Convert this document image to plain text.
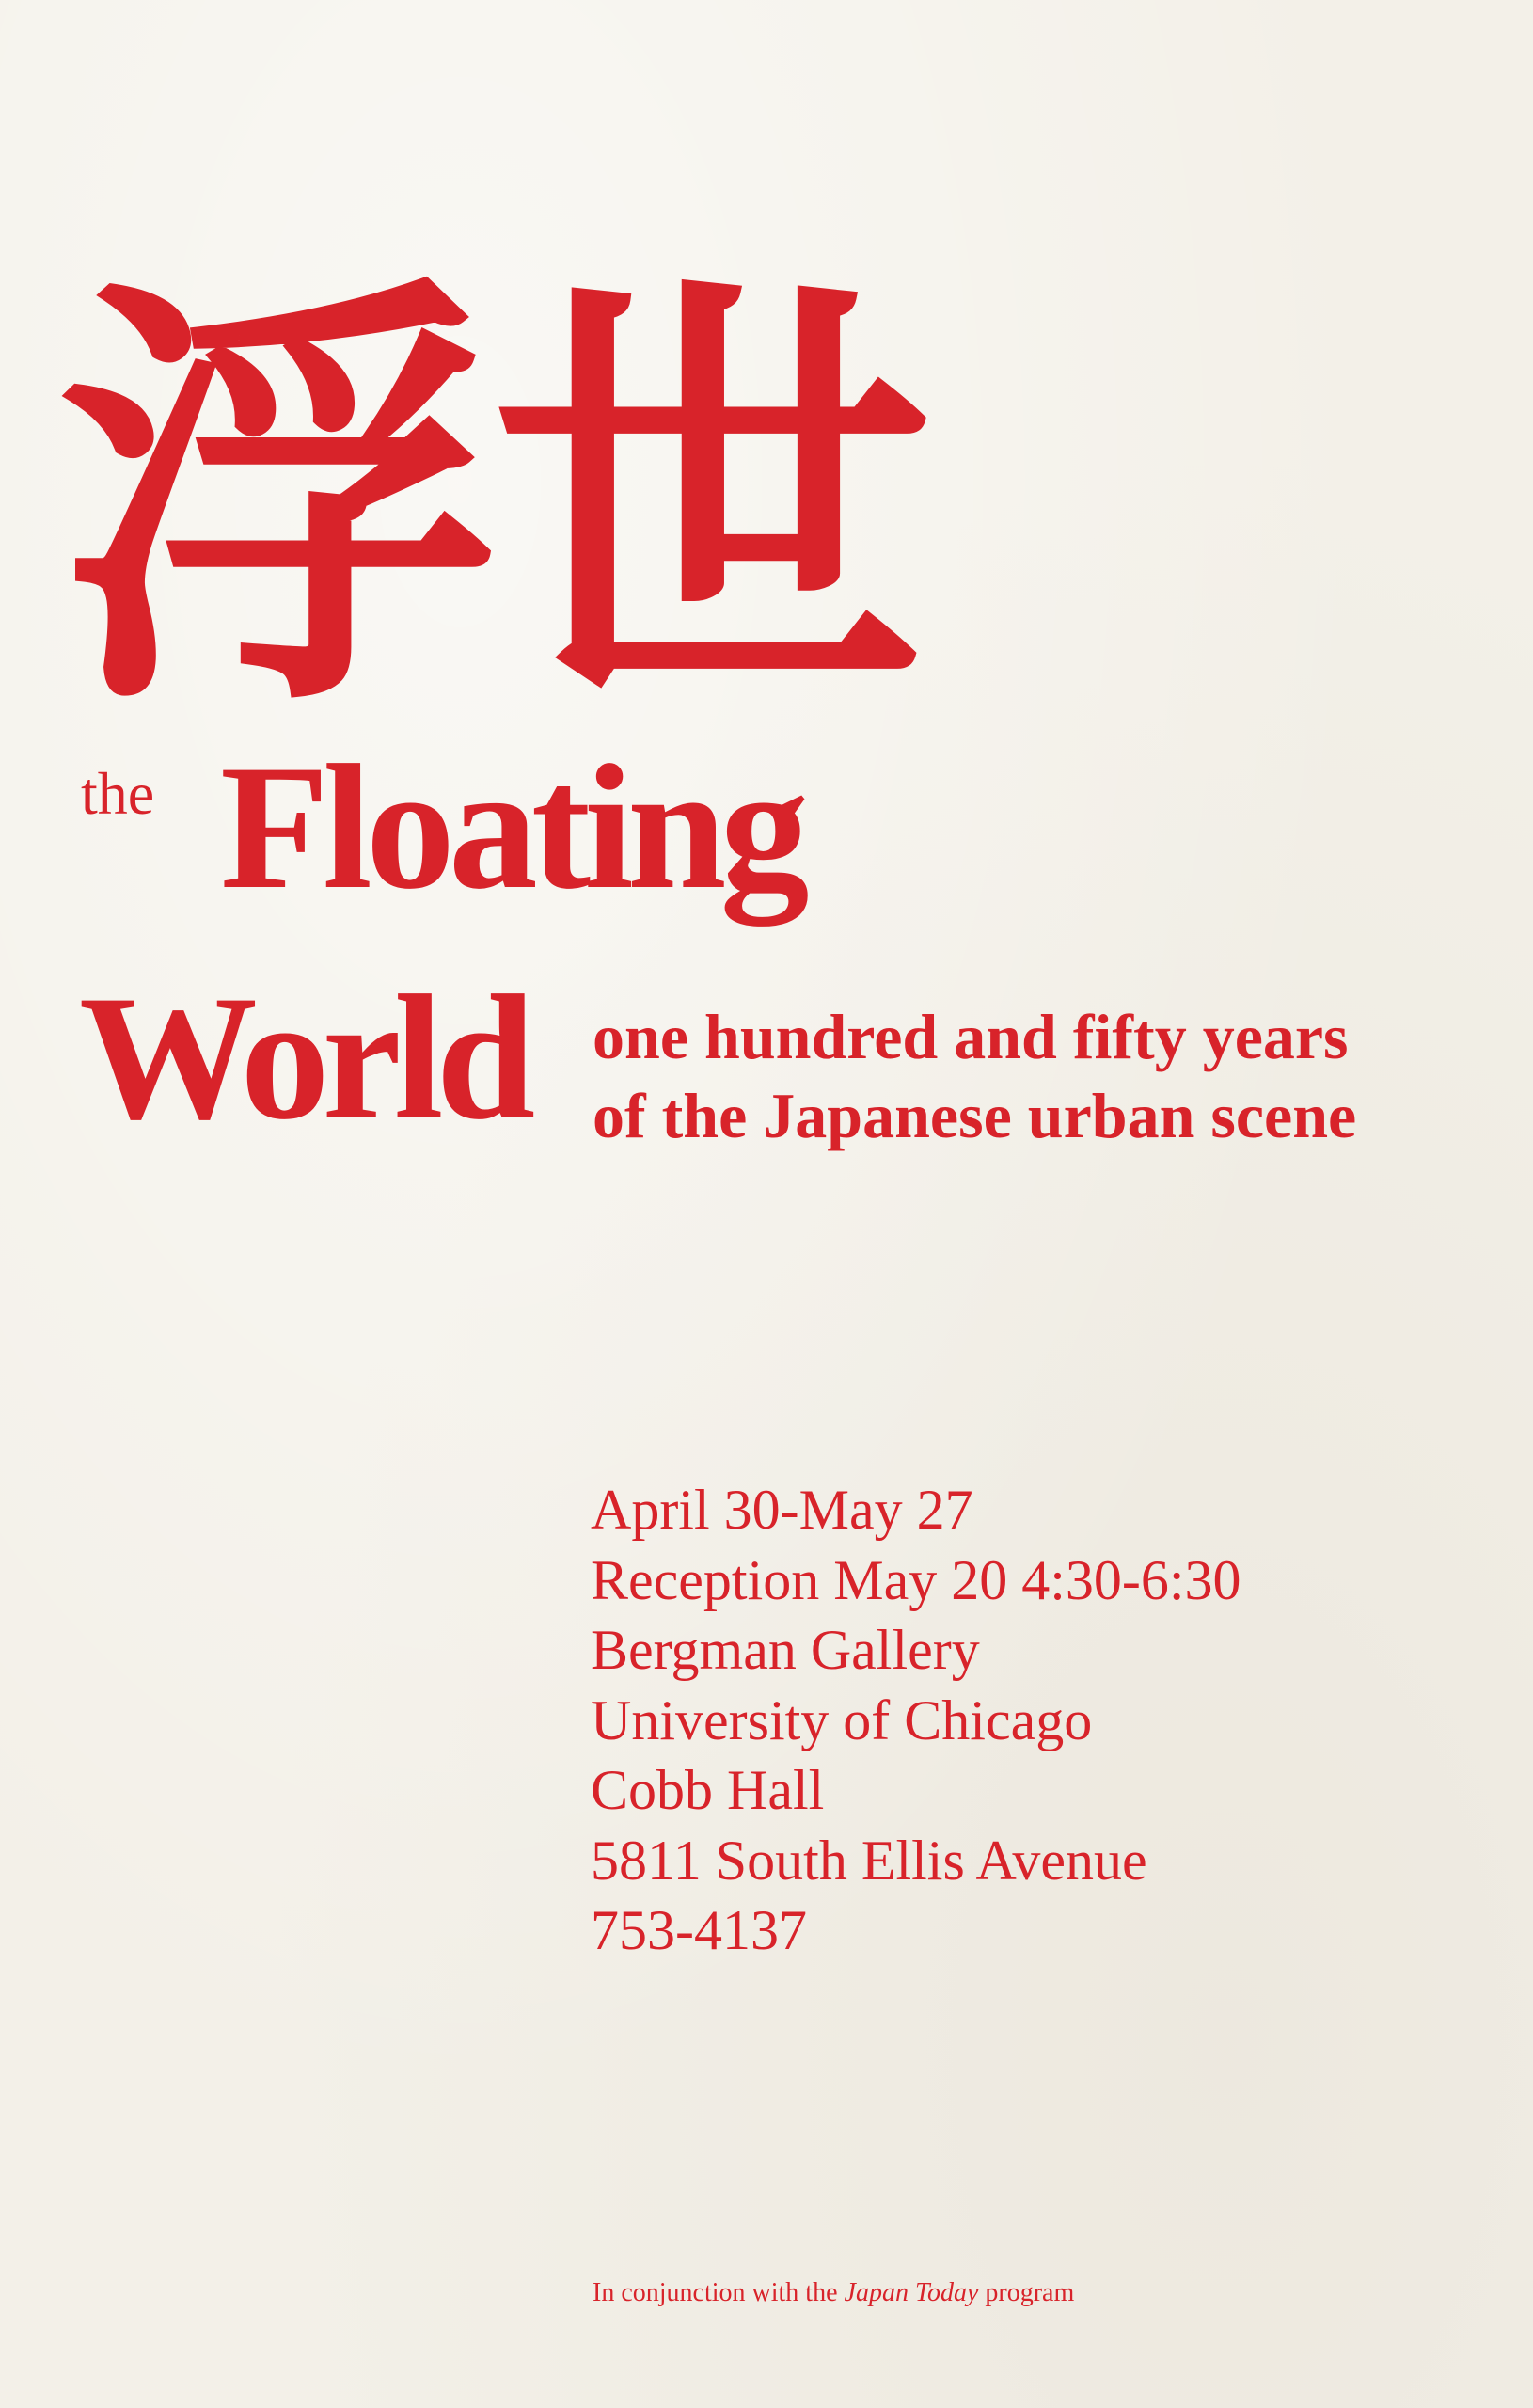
浮世
the Floating
World one hundred and fifty years
of the Japanese urban scene
April 30-May 27
Reception May 20 4:30-6:30
Bergman Gallery
University of Chicago
Cobb Hall
5811 South Ellis Avenue
753-4137
In conjunction with the Japan Today program
